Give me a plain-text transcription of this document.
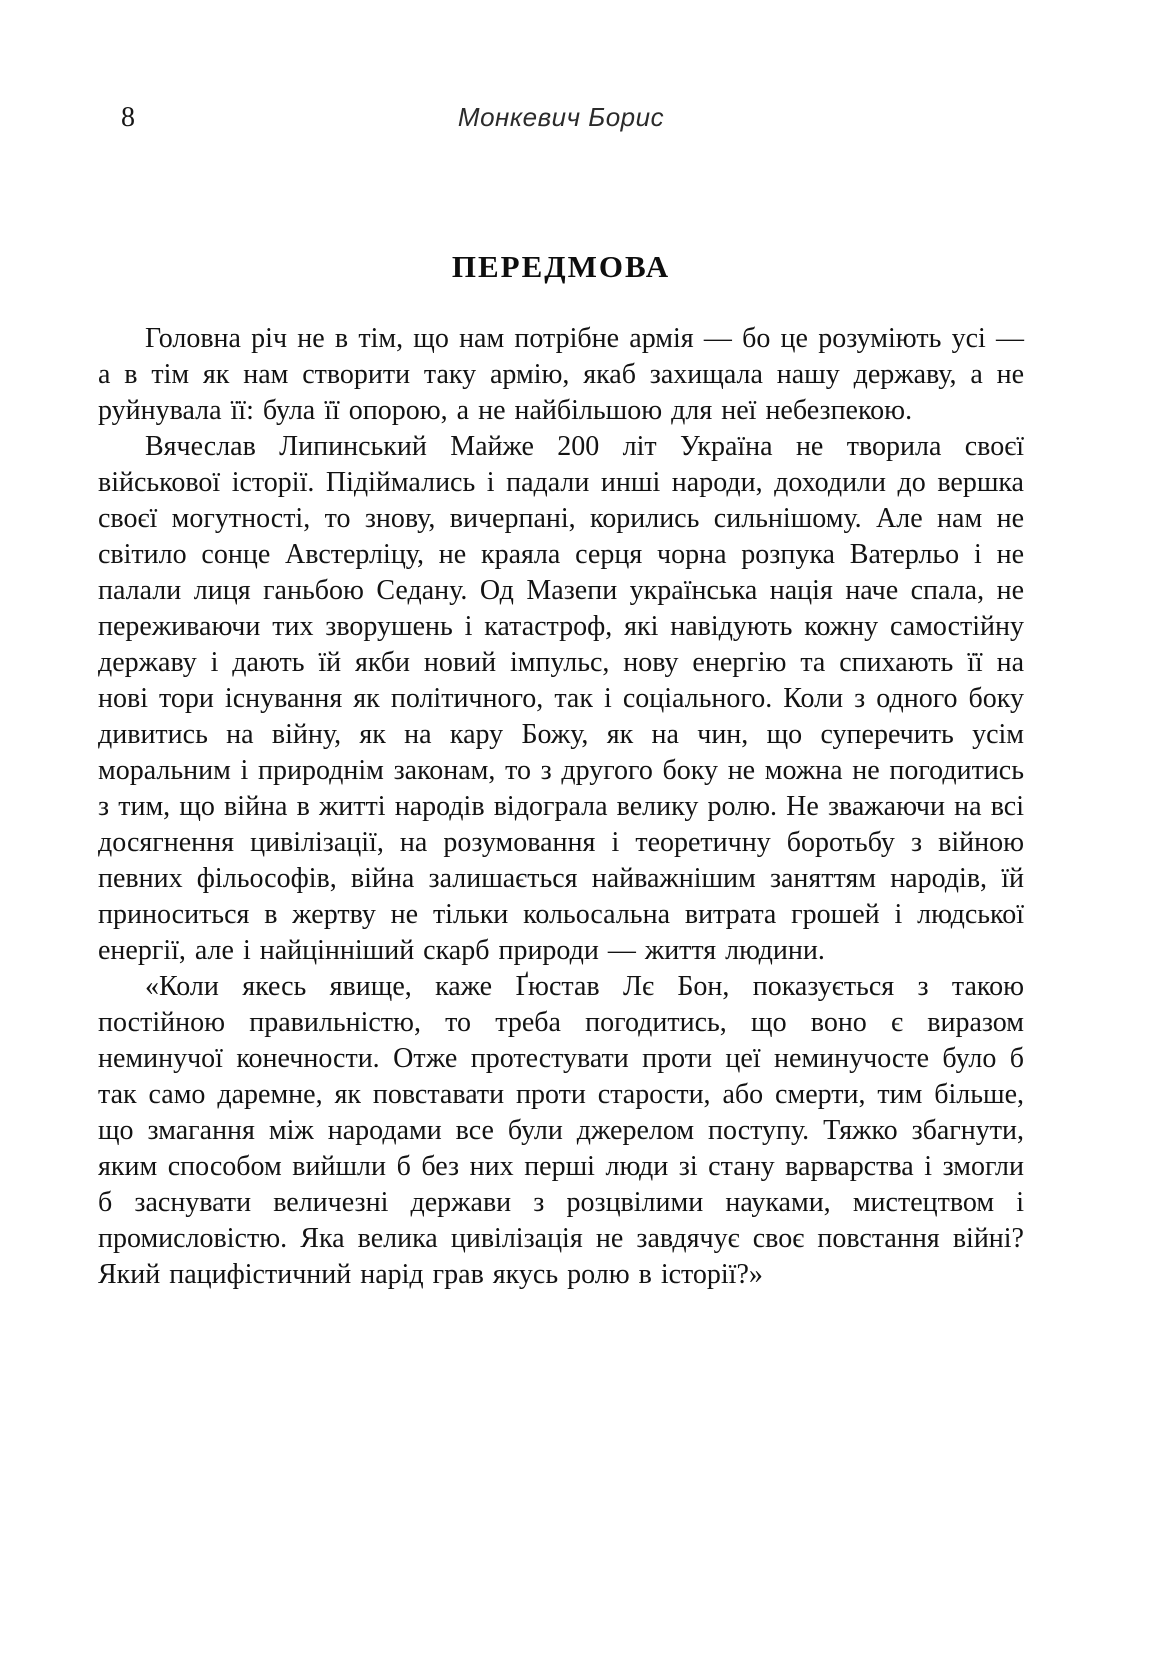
8	Монкевич Борис
ПЕРЕДМОВА

Головна річ не в тім, що нам потрібне армія — бо це розуміють усі — а в тім як нам створити таку армію, якаб захищала нашу державу, а не руйнувала її: була її опорою, а не найбільшою для неї небезпекою.

Вячеслав Липинський Майже 200 літ Україна не творила своєї військової історії. Підіймались і падали инші народи, доходили до вершка своєї могутності, то знову, вичерпані, корились сильнішому. Але нам не світило сонце Австерліцу, не краяла серця чорна розпука Ватерльо і не палали лиця ганьбою Седану. Од Мазепи українська нація наче спала, не переживаючи тих зворушень і катастроф, які навідують кожну самостійну державу і дають їй якби новий імпульс, нову енергію та спихають її на нові тори існування як політичного, так і соціального. Коли з одного боку дивитись на війну, як на кару Божу, як на чин, що суперечить усім моральним і природнім законам, то з другого боку не можна не погодитись з тим, що війна в житті народів відограла велику ролю. Не зважаючи на всі досягнення цивілізації, на розумовання і теоретичну боротьбу з війною певних фільософів, війна залишається найважнішим заняттям народів, їй приноситься в жертву не тільки кольосальна витрата грошей і людської енергії, але і найцінніший скарб природи — життя людини.

«Коли якесь явище, каже Ґюстав Лє Бон, показується з такою постійною правильністю, то треба погодитись, що воно є виразом неминучої конечности. Отже протестувати проти цеї неминучосте було б так само даремне, як повставати проти старости, або смерти, тим більше, що змагання між народами все були джерелом поступу. Тяжко збагнути, яким способом вийшли б без них перші люди зі стану варварства і змогли б заснувати величезні держави з розцвілими науками, мистецтвом і промисловістю. Яка велика цивілізація не завдячує своє повстання війні? Який пацифістичний нарід грав якусь ролю в історії?»
